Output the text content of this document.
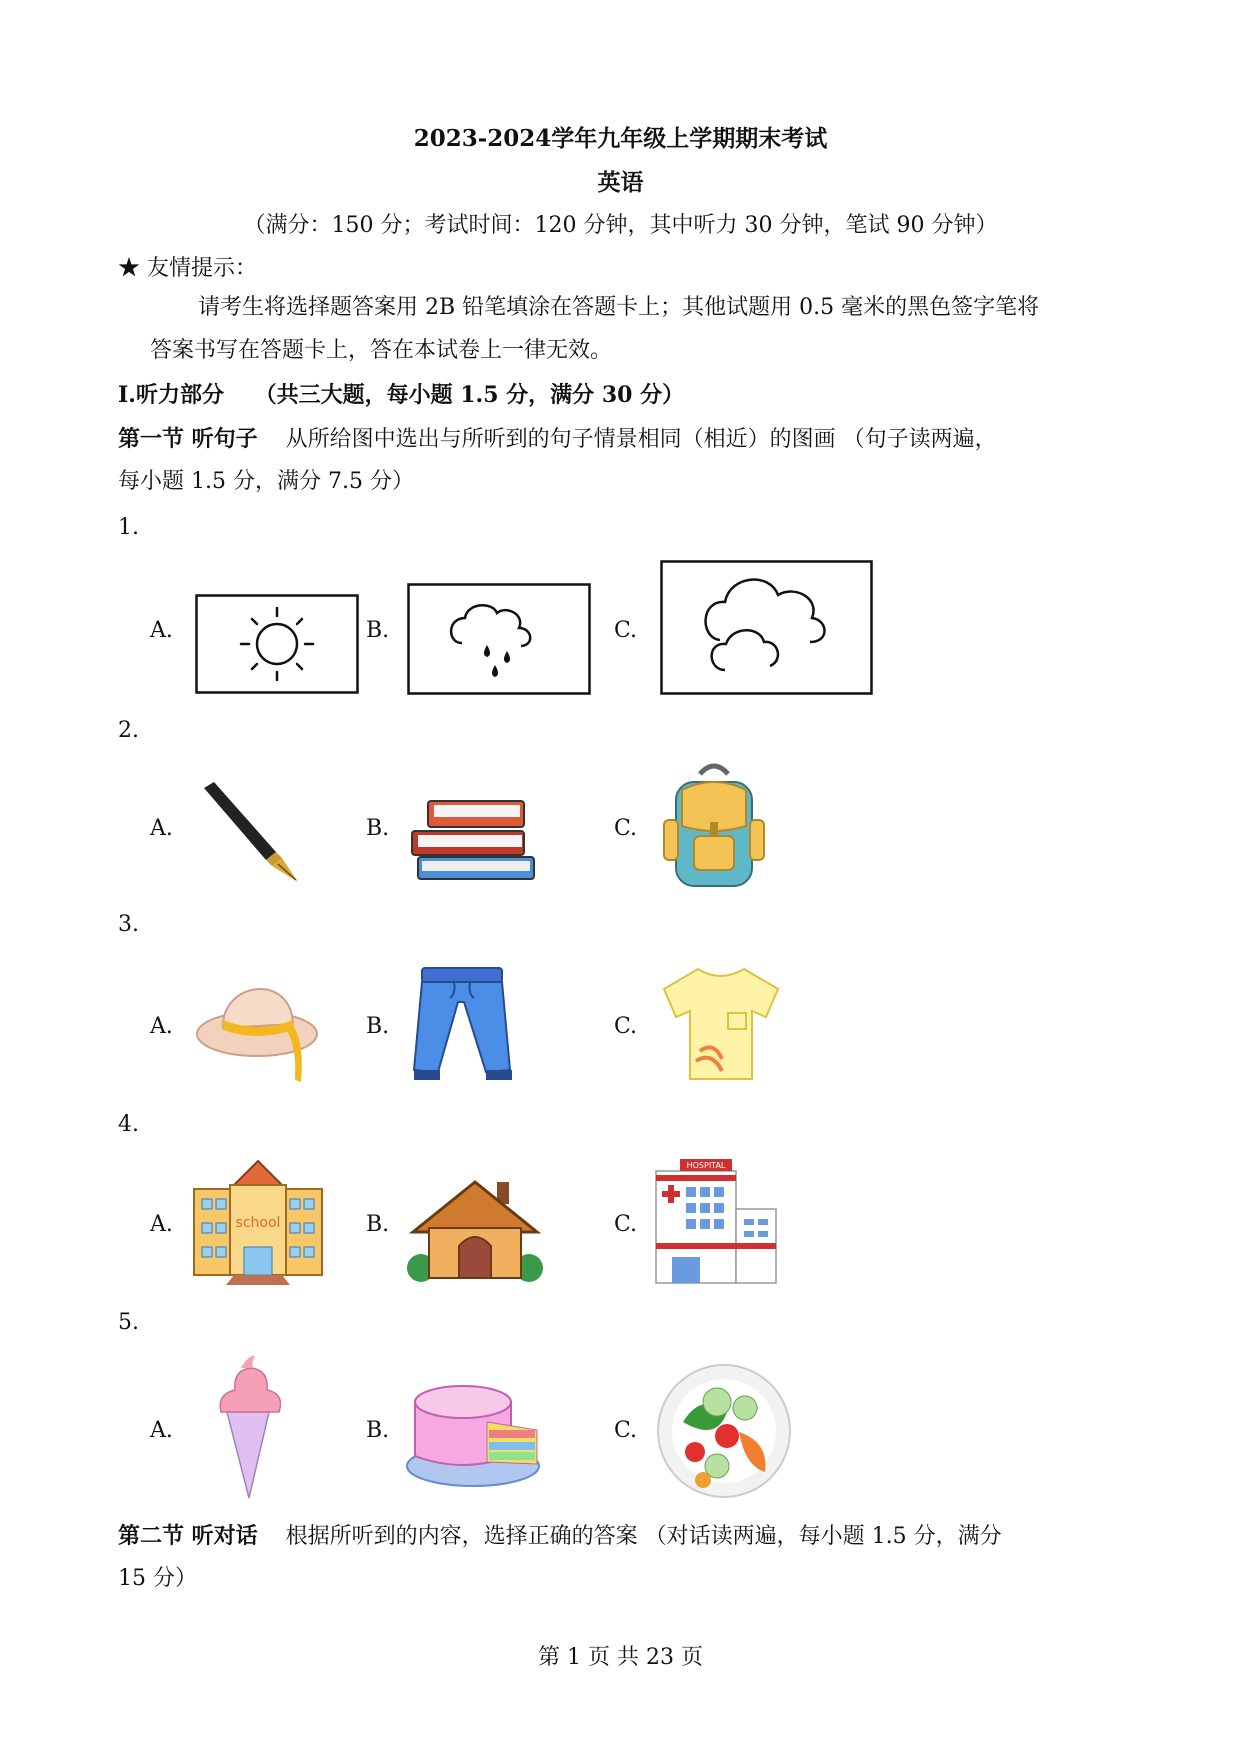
2023-2024学年九年级上学期期末考试
英语
（满分：150 分；考试时间：120 分钟，其中听力 30 分钟，笔试 90 分钟）
★ 友情提示：
请考生将选择题答案用 2B 铅笔填涂在答题卡上；其他试题用 0.5 毫米的黑色签字笔将
答案书写在答题卡上，答在本试卷上一律无效。
Ⅰ.听力部分 （共三大题，每小题 1.5 分，满分 30 分）
第一节 听句子 从所给图中选出与所听到的句子情景相同（相近）的图画 （句子读两遍，
每小题 1.5 分，满分 7.5 分）
1.
A.	B.	C.
2.
A.	B.	C.
3.
A.	B.	C.
4.
A.	B.	C.
school
HOSPITAL
5.
A.	B.	C.
第二节 听对话 根据所听到的内容，选择正确的答案 （对话读两遍，每小题 1.5 分，满分
15 分）
第 1 页 共 23 页
